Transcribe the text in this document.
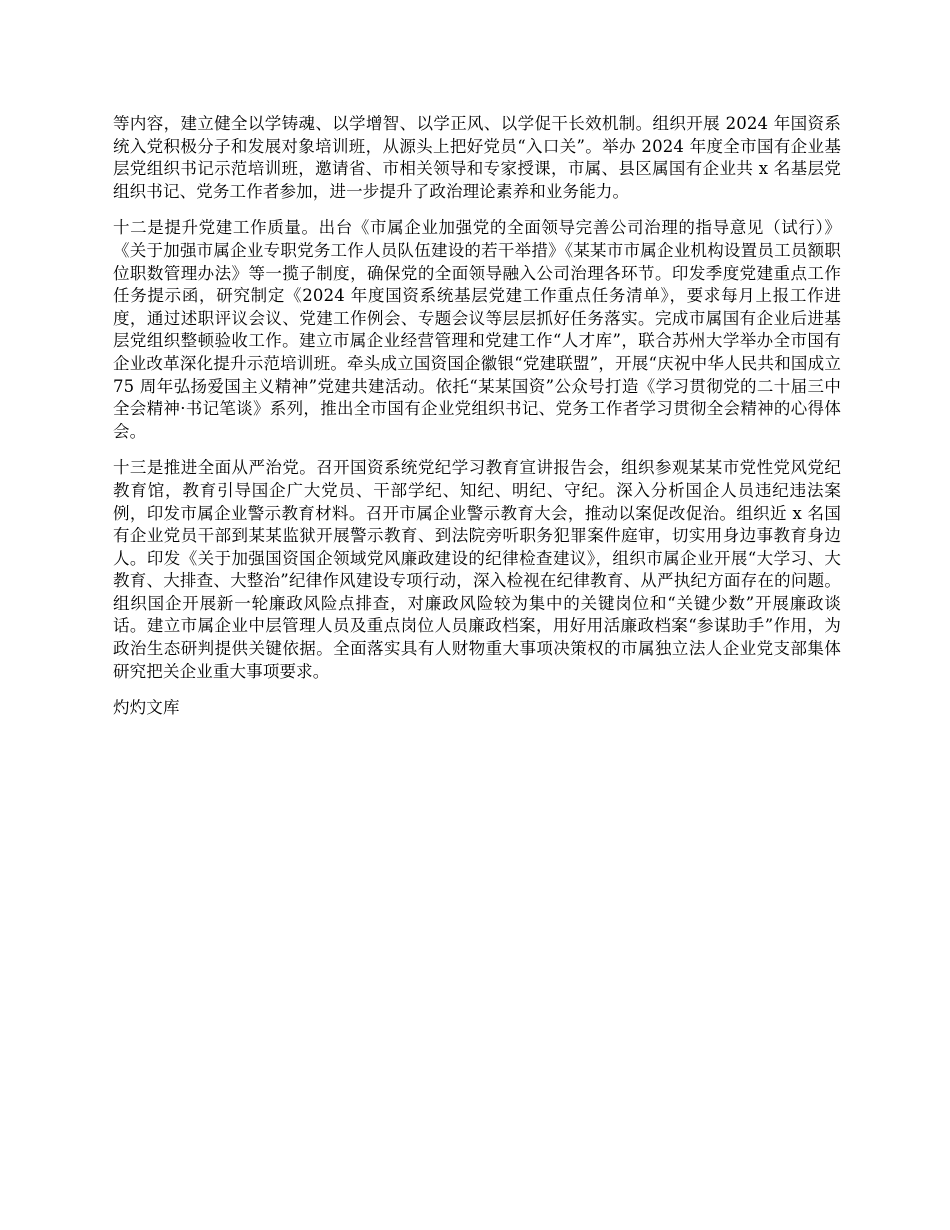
等内容，建立健全以学铸魂、以学增智、以学正风、以学促干长效机制。组织开展 2024 年国资系统入党积极分子和发展对象培训班，从源头上把好党员“入口关”。举办 2024 年度全市国有企业基层党组织书记示范培训班，邀请省、市相关领导和专家授课，市属、县区属国有企业共 x 名基层党组织书记、党务工作者参加，进一步提升了政治理论素养和业务能力。

十二是提升党建工作质量。出台《市属企业加强党的全面领导完善公司治理的指导意见（试行）》《关于加强市属企业专职党务工作人员队伍建设的若干举措》《某某市市属企业机构设置员工员额职位职数管理办法》等一揽子制度，确保党的全面领导融入公司治理各环节。印发季度党建重点工作任务提示函，研究制定《2024 年度国资系统基层党建工作重点任务清单》，要求每月上报工作进度，通过述职评议会议、党建工作例会、专题会议等层层抓好任务落实。完成市属国有企业后进基层党组织整顿验收工作。建立市属企业经营管理和党建工作“人才库”，联合苏州大学举办全市国有企业改革深化提升示范培训班。牵头成立国资国企徽银“党建联盟”，开展“庆祝中华人民共和国成立 75 周年弘扬爱国主义精神”党建共建活动。依托“某某国资”公众号打造《学习贯彻党的二十届三中全会精神·书记笔谈》系列，推出全市国有企业党组织书记、党务工作者学习贯彻全会精神的心得体会。

十三是推进全面从严治党。召开国资系统党纪学习教育宣讲报告会，组织参观某某市党性党风党纪教育馆，教育引导国企广大党员、干部学纪、知纪、明纪、守纪。深入分析国企人员违纪违法案例，印发市属企业警示教育材料。召开市属企业警示教育大会，推动以案促改促治。组织近 x 名国有企业党员干部到某某监狱开展警示教育、到法院旁听职务犯罪案件庭审，切实用身边事教育身边人。印发《关于加强国资国企领域党风廉政建设的纪律检查建议》，组织市属企业开展“大学习、大教育、大排查、大整治”纪律作风建设专项行动，深入检视在纪律教育、从严执纪方面存在的问题。组织国企开展新一轮廉政风险点排查，对廉政风险较为集中的关键岗位和“关键少数”开展廉政谈话。建立市属企业中层管理人员及重点岗位人员廉政档案，用好用活廉政档案“参谋助手”作用，为政治生态研判提供关键依据。全面落实具有人财物重大事项决策权的市属独立法人企业党支部集体研究把关企业重大事项要求。

灼灼文库
